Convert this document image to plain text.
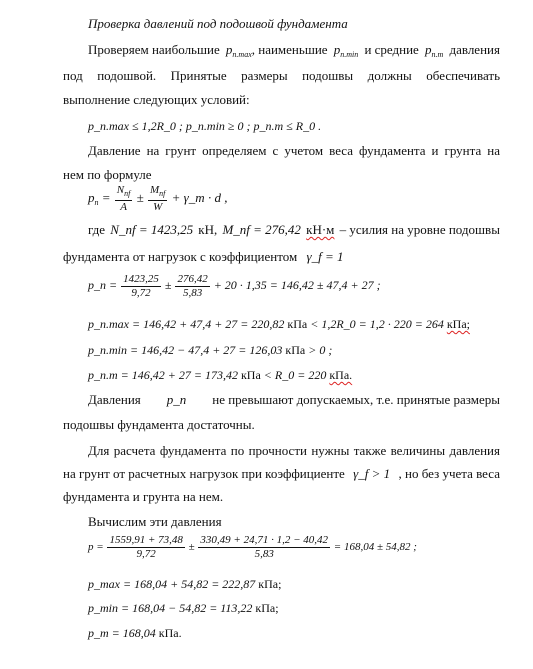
Проверка давлений под подошвой фундамента
Проверяем наибольшие $p_{п.max}$, наименьшие $p_{п.min}$ и средние $p_{п.т}$ давления
под подошвой. Принятые размеры подошвы должны обеспечивать
выполнение следующих условий:
p_п.max ≤ 1,2R_0 ; p_п.min ≥ 0 ; p_п.т ≤ R_0 .
Давление на грунт определяем с учетом веса фундамента и грунта на
нем по формуле
$p_п = \frac{N_{nf}}{A} \pm \frac{M_{nf}}{W}$ + γ_т · d ,
где N_nf = 1423,25 кН, M_nf = 276,42 кН·м – усилия на уровне подошвы
фундамента от нагрузок с коэффициентом γ_f = 1
p_п = $\frac{1423,25}{9,72} \pm \frac{276,42}{5,83} + 20 \cdot 1,35 = 146,42 \pm 47,4 + 27$ ;
p_п.max = 146,42 + 47,4 + 27 = 220,82 кПа < 1,2R_0 = 1,2 · 220 = 264 кПа;
p_п.min = 146,42 − 47,4 + 27 = 126,03 кПа > 0 ;
p_п.т = 146,42 + 27 = 173,42 кПа < R_0 = 220 кПа.
Давления p_п не превышают допускаемых, т.е. принятые размеры
подошвы фундамента достаточны.
Для расчета фундамента по прочности нужны также величины давления
на грунт от расчетных нагрузок при коэффициенте γ_f > 1 , но без учета веса
фундамента и грунта на нем.
Вычислим эти давления
$p = \frac{1559,91 + 73,48}{9,72} \pm \frac{330,49 + 24,71 \cdot 1,2 - 40,42}{5,83} = 168,04 \pm 54,82$ ;
p_max = 168,04 + 54,82 = 222,87 кПа;
p_min = 168,04 − 54,82 = 113,22 кПа;
p_m = 168,04 кПа.
